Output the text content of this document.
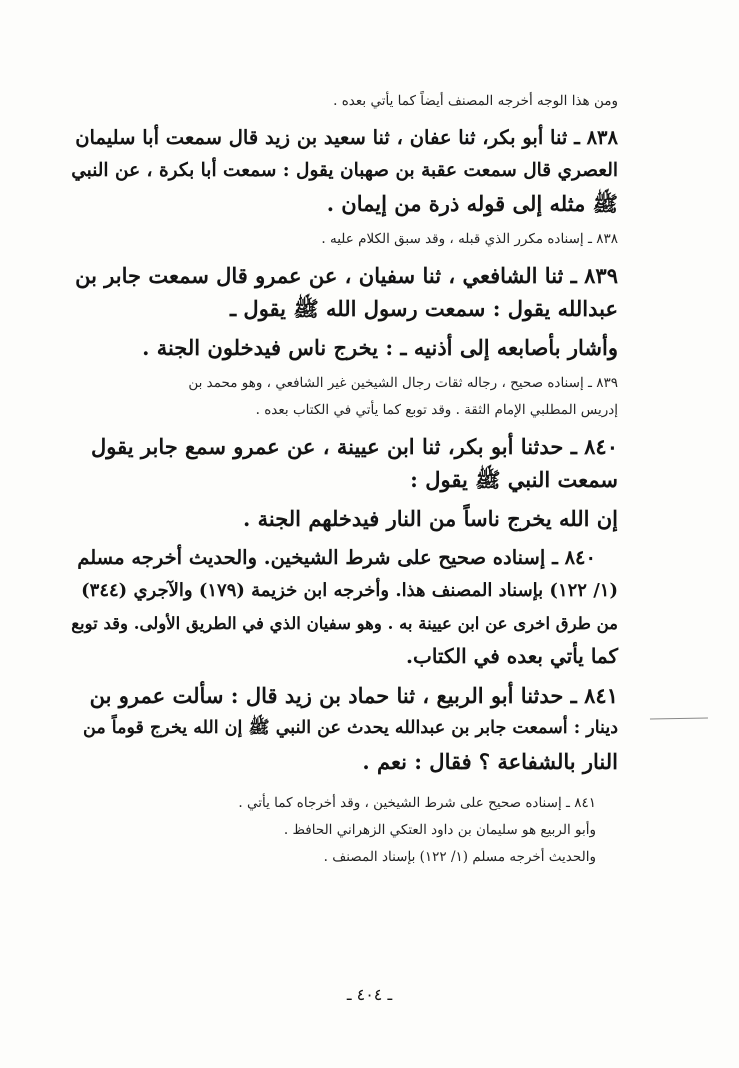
ومن هذا الوجه أخرجه المصنف أيضاً كما يأتي بعده .
٨٣٨ ـ ثنا أبو بكر، ثنا عفان ، ثنا سعيد بن زيد قال سمعت أبا سليمان
العصري قال سمعت عقبة بن صهبان يقول : سمعت أبا بكرة ، عن النبي
ﷺ مثله إلى قوله ذرة من إيمان .
٨٣٨ ـ إسناده مكرر الذي قبله ، وقد سبق الكلام عليه .
٨٣٩ ـ ثنا الشافعي ، ثنا سفيان ، عن عمرو قال سمعت جابر بن
عبدالله يقول : سمعت رسول الله ﷺ يقول ـ
وأشار بأصابعه إلى أذنيه ـ : يخرج ناس فيدخلون الجنة .
٨٣٩ ـ إسناده صحيح ، رجاله ثقات رجال الشيخين غير الشافعي ، وهو محمد بن
إدريس المطلبي الإمام الثقة . وقد توبع كما يأتي في الكتاب بعده .
٨٤٠ ـ حدثنا أبو بكر، ثنا ابن عيينة ، عن عمرو سمع جابر يقول
سمعت النبي ﷺ يقول :
إن الله يخرج ناساً من النار فيدخلهم الجنة .
٨٤٠ ـ إسناده صحيح على شرط الشيخين. والحديث أخرجه مسلم
(١/ ١٢٢) بإسناد المصنف هذا. وأخرجه ابن خزيمة (١٧٩) والآجري (٣٤٤)
من طرق اخرى عن ابن عيينة به . وهو سفيان الذي في الطريق الأولى. وقد توبع
كما يأتي بعده في الكتاب.
٨٤١ ـ حدثنا أبو الربيع ، ثنا حماد بن زيد قال : سألت عمرو بن
دينار : أسمعت جابر بن عبدالله يحدث عن النبي ﷺ إن الله يخرج قوماً من
النار بالشفاعة ؟ فقال : نعم .
٨٤١ ـ إسناده صحيح على شرط الشيخين ، وقد أخرجاه كما يأتي .
وأبو الربيع هو سليمان بن داود العتكي الزهراني الحافظ .
والحديث أخرجه مسلم (١/ ١٢٢) بإسناد المصنف .
ـ ٤٠٤ ـ
